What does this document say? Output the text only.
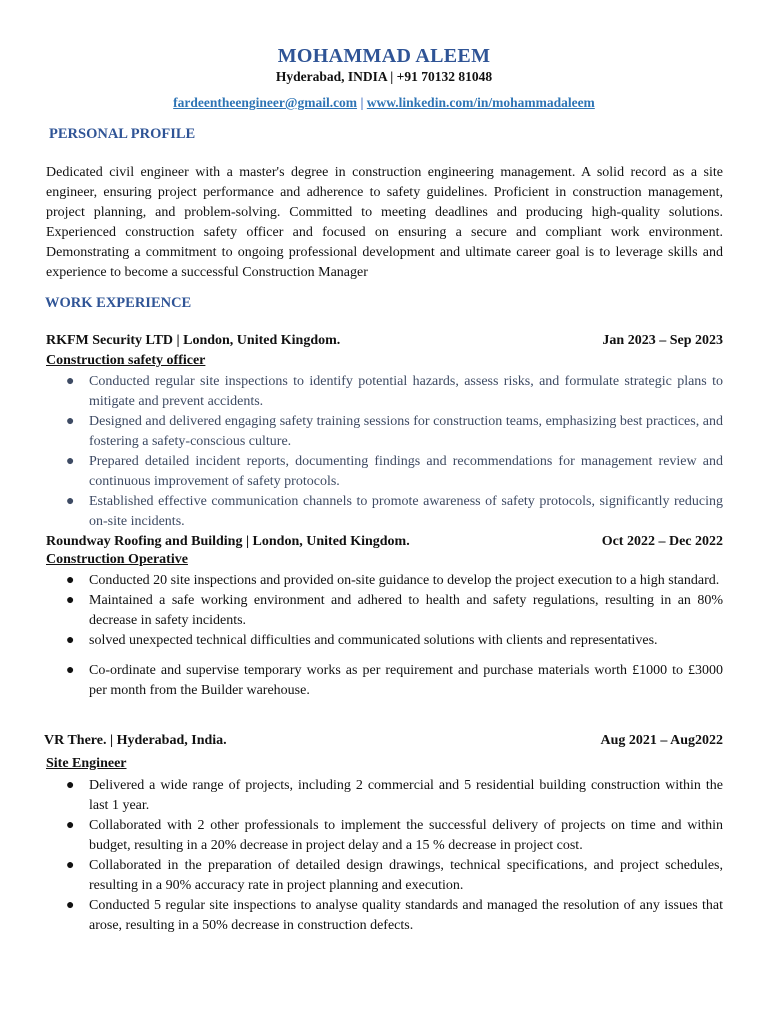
MOHAMMAD ALEEM
Hyderabad, INDIA | +91 70132 81048
fardeentheengineer@gmail.com | www.linkedin.com/in/mohammadaleem
PERSONAL PROFILE

Dedicated civil engineer with a master's degree in construction engineering management. A solid record as a site engineer, ensuring project performance and adherence to safety guidelines. Proficient in construction management, project planning, and problem-solving. Committed to meeting deadlines and producing high-quality solutions. Experienced construction safety officer and focused on ensuring a secure and compliant work environment. Demonstrating a commitment to ongoing professional development and ultimate career goal is to leverage skills and experience to become a successful Construction Manager

WORK EXPERIENCE
RKFM Security LTD | London, United Kingdom.	Jan 2023 – Sep 2023
Construction safety officer
● Conducted regular site inspections to identify potential hazards, assess risks, and formulate strategic plans to mitigate and prevent accidents.
● Designed and delivered engaging safety training sessions for construction teams, emphasizing best practices, and fostering a safety-conscious culture.
● Prepared detailed incident reports, documenting findings and recommendations for management review and continuous improvement of safety protocols.
● Established effective communication channels to promote awareness of safety protocols, significantly reducing on-site incidents.
Roundway Roofing and Building | London, United Kingdom.	Oct 2022 – Dec 2022
Construction Operative
● Conducted 20 site inspections and provided on-site guidance to develop the project execution to a high standard.
● Maintained a safe working environment and adhered to health and safety regulations, resulting in an 80% decrease in safety incidents.
● solved unexpected technical difficulties and communicated solutions with clients and representatives.
● Co-ordinate and supervise temporary works as per requirement and purchase materials worth £1000 to £3000 per month from the Builder warehouse.
VR There. | Hyderabad, India.	Aug 2021 – Aug2022
Site Engineer
● Delivered a wide range of projects, including 2 commercial and 5 residential building construction within the last 1 year.
● Collaborated with 2 other professionals to implement the successful delivery of projects on time and within budget, resulting in a 20% decrease in project delay and a 15 % decrease in project cost.
● Collaborated in the preparation of detailed design drawings, technical specifications, and project schedules, resulting in a 90% accuracy rate in project planning and execution.
● Conducted 5 regular site inspections to analyse quality standards and managed the resolution of any issues that arose, resulting in a 50% decrease in construction defects.
